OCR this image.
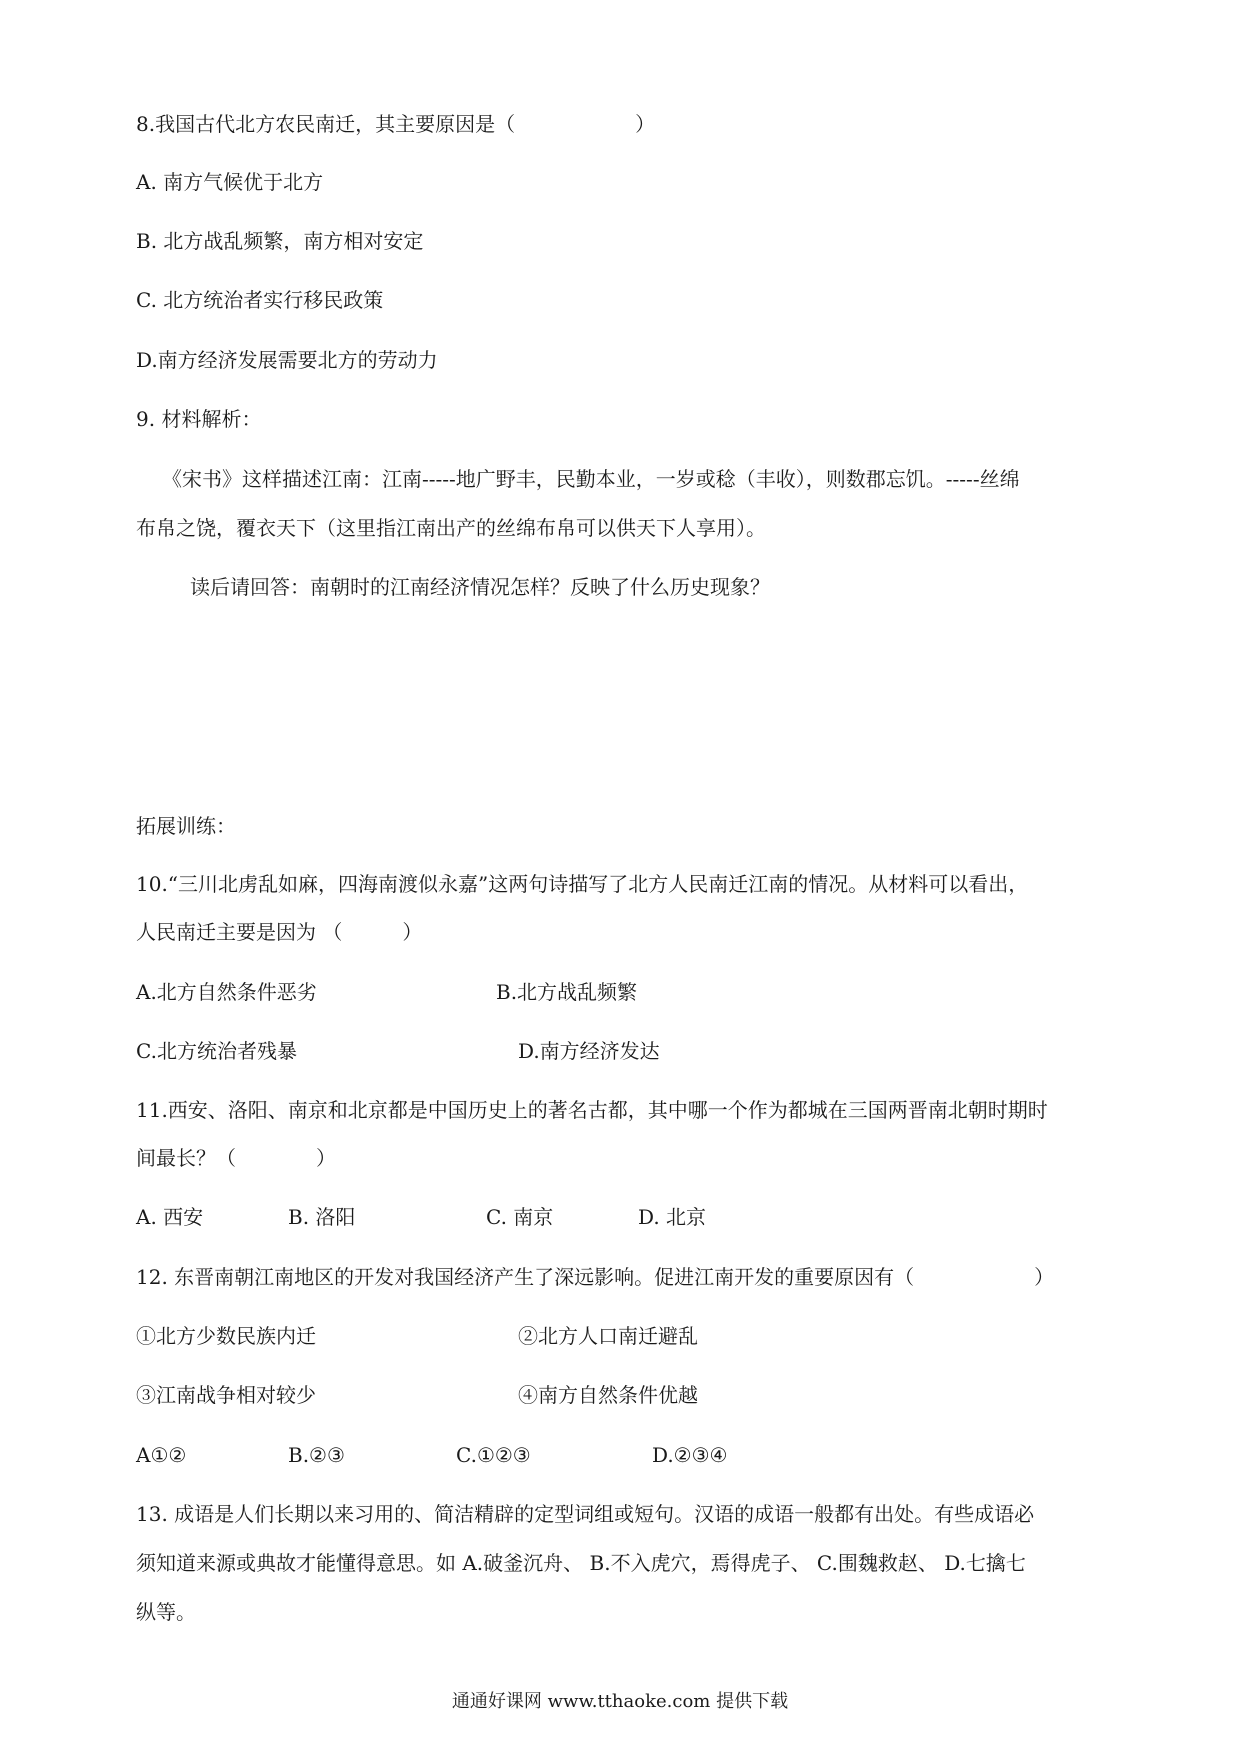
8.我国古代北方农民南迁，其主要原因是（　　　　　　）
A. 南方气候优于北方
B. 北方战乱频繁，南方相对安定
C. 北方统治者实行移民政策
D.南方经济发展需要北方的劳动力
9. 材料解析：
《宋书》这样描述江南：江南-----地广野丰，民勤本业，一岁或稔（丰收），则数郡忘饥。-----丝绵
布帛之饶，覆衣天下（这里指江南出产的丝绵布帛可以供天下人享用）。
读后请回答：南朝时的江南经济情况怎样？反映了什么历史现象？
拓展训练：
10.“三川北虏乱如麻，四海南渡似永嘉”这两句诗描写了北方人民南迁江南的情况。从材料可以看出，
人民南迁主要是因为 （　　　）
A.北方自然条件恶劣	B.北方战乱频繁
C.北方统治者残暴	D.南方经济发达
11.西安、洛阳、南京和北京都是中国历史上的著名古都，其中哪一个作为都城在三国两晋南北朝时期时
间最长？（　　　　）
A. 西安	B. 洛阳	C. 南京	D. 北京
12. 东晋南朝江南地区的开发对我国经济产生了深远影响。促进江南开发的重要原因有（　　　　　　）
①北方少数民族内迁	②北方人口南迁避乱
③江南战争相对较少	④南方自然条件优越
A①②	B.②③	C.①②③	D.②③④
13. 成语是人们长期以来习用的、简洁精辟的定型词组或短句。汉语的成语一般都有出处。有些成语必
须知道来源或典故才能懂得意思。如 A.破釜沉舟、 B.不入虎穴，焉得虎子、 C.围魏救赵、 D.七擒七
纵等。
通通好课网 www.tthaoke.com 提供下载
